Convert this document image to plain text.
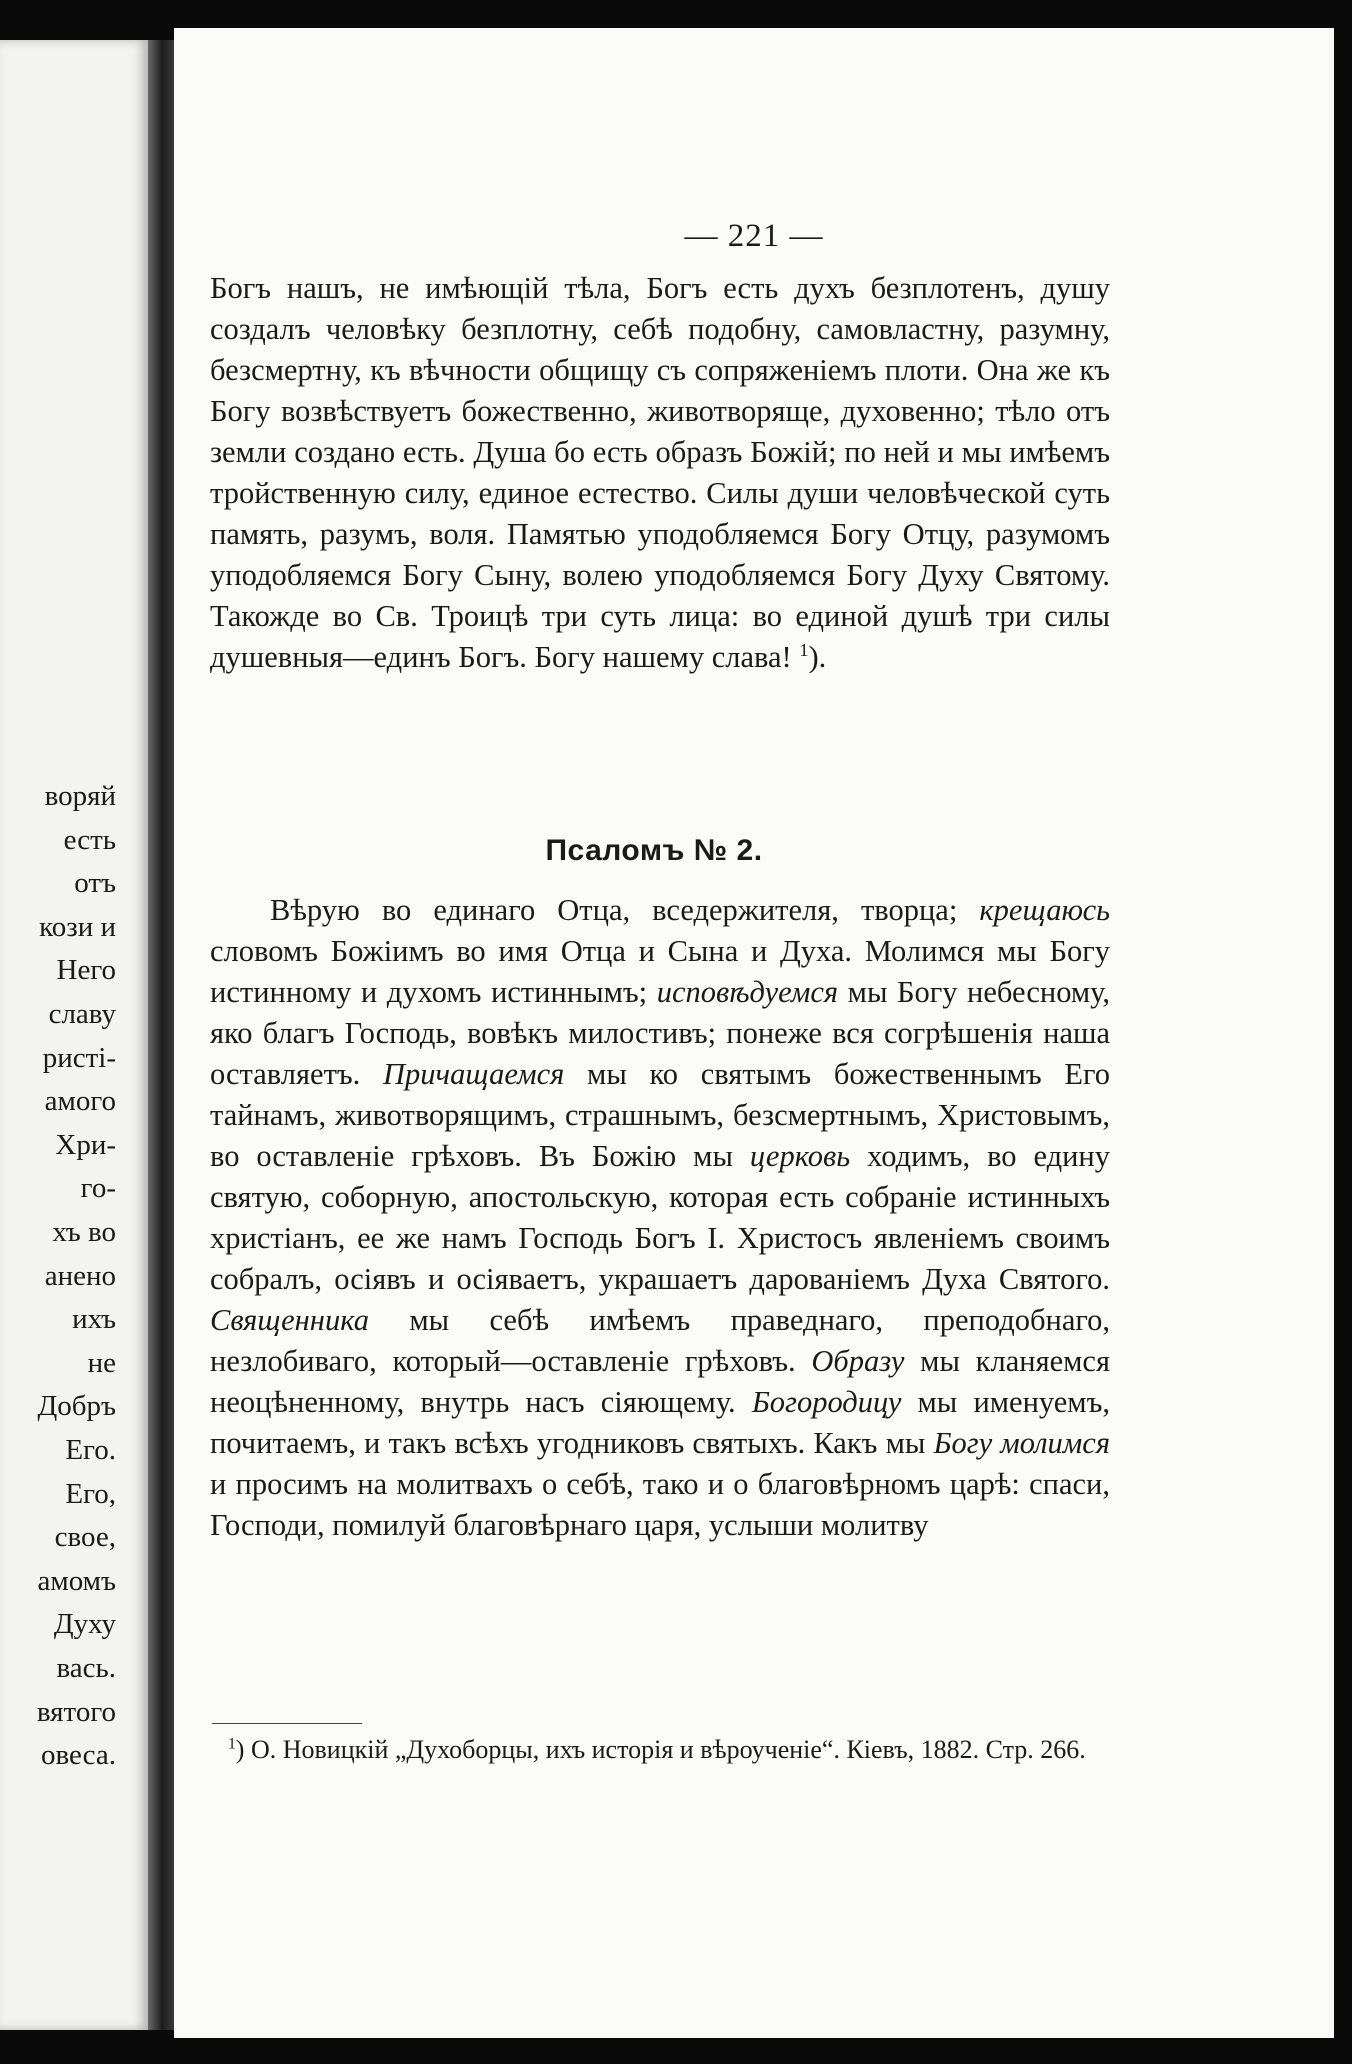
воряй
есть
отъ
кози и
Него
славу
ристі-
амого
Хри-
го-
хъ во
анено
ихъ
не
Добръ
Его.
Его,
свое,
амомъ
Духу
вась.
вятого
овеса.
— 221 —

Богъ нашъ, не имѣющій тѣла, Богъ есть духъ безплотенъ, душу создалъ человѣку безплотну, себѣ подобну, самовластну, разумну, безсмертну, къ вѣчности общищу съ сопряженіемъ плоти. Она же къ Богу возвѣствуетъ божественно, животворяще, духовенно; тѣло отъ земли создано есть. Душа бо есть образъ Божій; по ней и мы имѣемъ тройственную силу, единое естество. Силы души человѣческой суть память, разумъ, воля. Памятью уподобляемся Богу Отцу, разумомъ уподобляемся Богу Сыну, волею уподобляемся Богу Духу Святому. Такожде во Св. Троицѣ три суть лица: во единой душѣ три силы душевныя—единъ Богъ. Богу нашему слава! $^1$).

Псаломъ № 2.

Вѣрую во единаго Отца, вседержителя, творца; крещаюсь словомъ Божіимъ во имя Отца и Сына и Духа. Молимся мы Богу истинному и духомъ истиннымъ; исповѣдуемся мы Богу небесному, яко благъ Господь, вовѣкъ милостивъ; понеже вся согрѣшенія наша оставляетъ. Причащаемся мы ко святымъ божественнымъ Его тайнамъ, животворящимъ, страшнымъ, безсмертнымъ, Христовымъ, во оставленіе грѣховъ. Въ Божію мы церковь ходимъ, во едину святую, соборную, апостольскую, которая есть собраніе истинныхъ христіанъ, ее же намъ Господь Богъ І. Христосъ явленіемъ своимъ собралъ, осіявъ и осіяваетъ, украшаетъ дарованіемъ Духа Святого. Священника мы себѣ имѣемъ праведнаго, преподобнаго, незлобиваго, который—оставленіе грѣховъ. Образу мы кланяемся неоцѣненному, внутрь насъ сіяющему. Богородицу мы именуемъ, почитаемъ, и такъ всѣхъ угодниковъ святыхъ. Какъ мы Богу молимся и просимъ на молитвахъ о себѣ, тако и о благовѣрномъ царѣ: спаси, Господи, помилуй благовѣрнаго царя, услыши молитву

$^1$) О. Новицкій „Духоборцы, ихъ исторія и вѣроученіе“. Кіевъ, 1882. Стр. 266.
